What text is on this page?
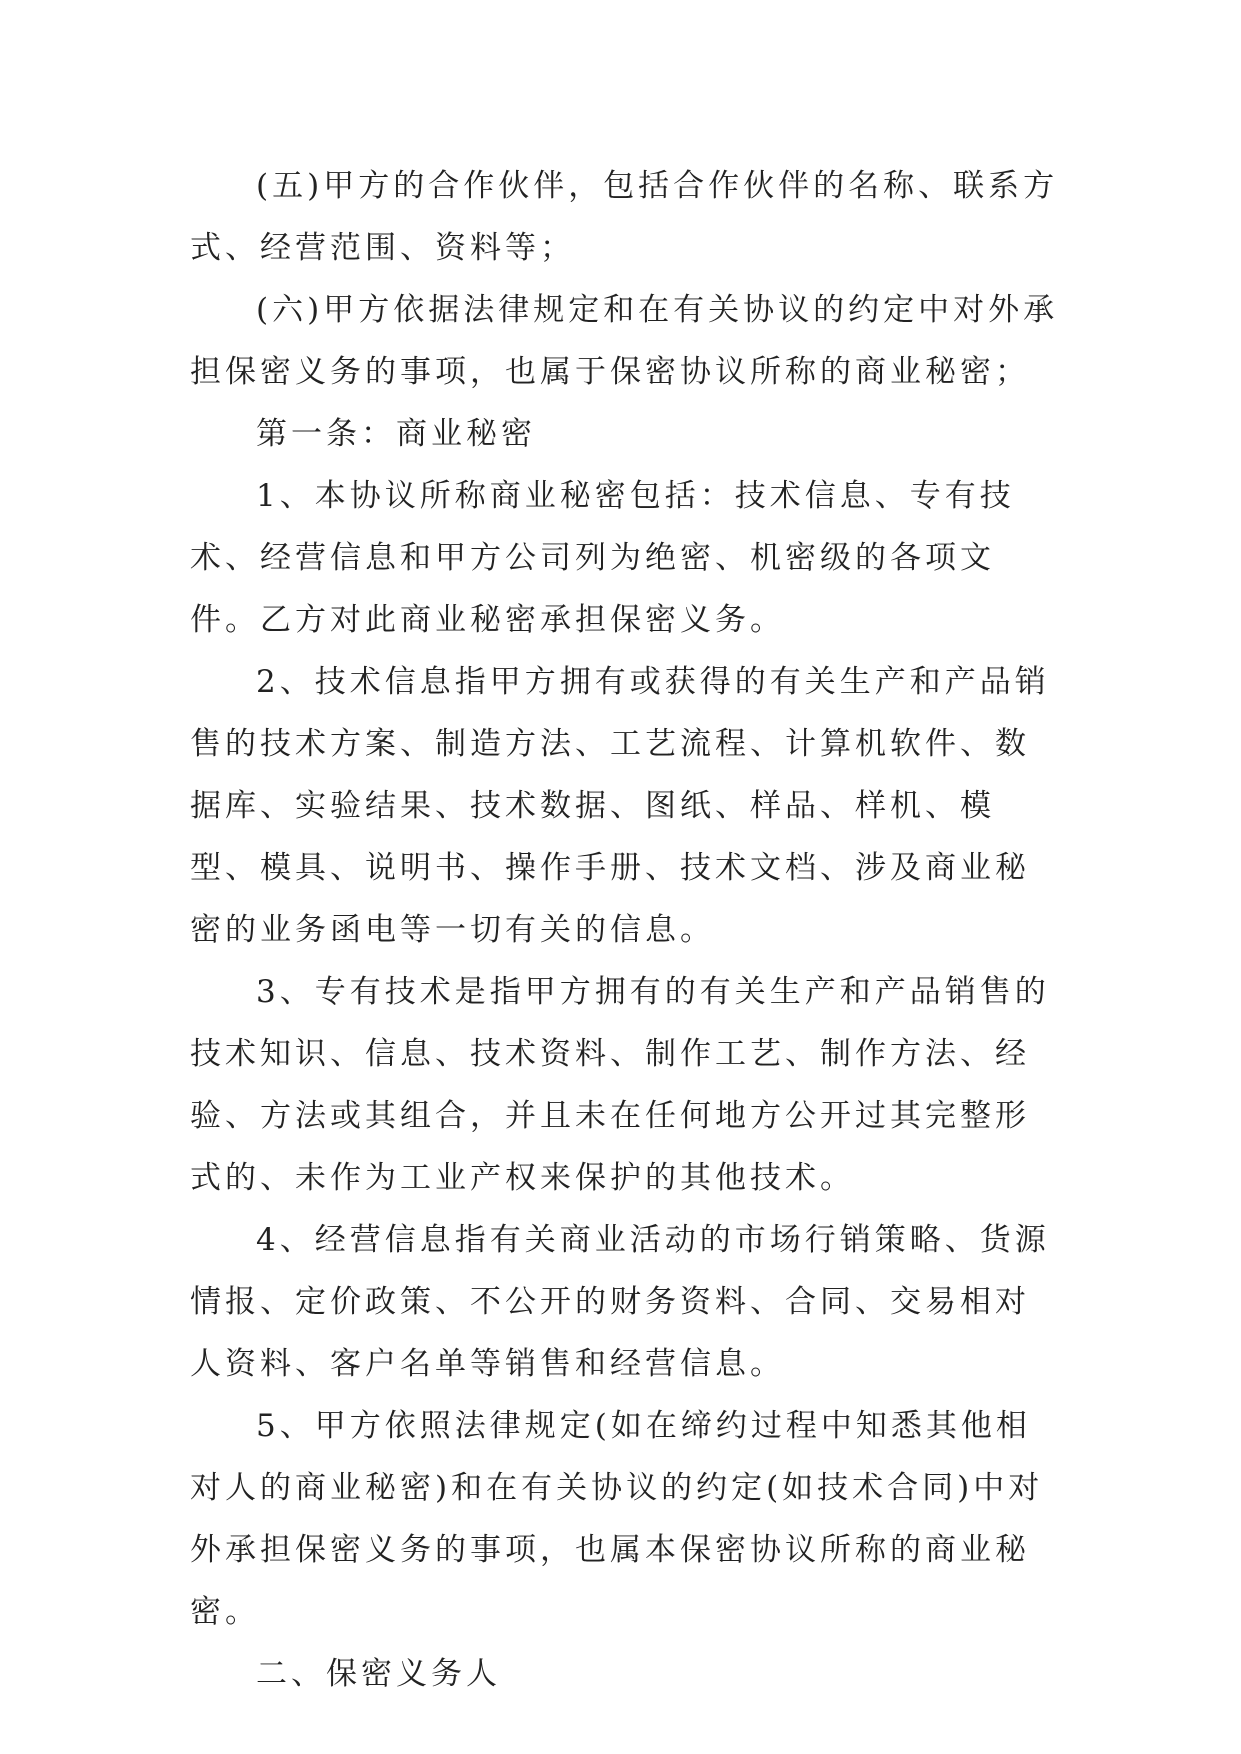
(五)甲方的合作伙伴，包括合作伙伴的名称、联系方式、经营范围、资料等；

(六)甲方依据法律规定和在有关协议的约定中对外承担保密义务的事项，也属于保密协议所称的商业秘密；

第一条：商业秘密

1、本协议所称商业秘密包括：技术信息、专有技术、经营信息和甲方公司列为绝密、机密级的各项文件。乙方对此商业秘密承担保密义务。

2、技术信息指甲方拥有或获得的有关生产和产品销售的技术方案、制造方法、工艺流程、计算机软件、数据库、实验结果、技术数据、图纸、样品、样机、模型、模具、说明书、操作手册、技术文档、涉及商业秘密的业务函电等一切有关的信息。

3、专有技术是指甲方拥有的有关生产和产品销售的技术知识、信息、技术资料、制作工艺、制作方法、经验、方法或其组合，并且未在任何地方公开过其完整形式的、未作为工业产权来保护的其他技术。

4、经营信息指有关商业活动的市场行销策略、货源情报、定价政策、不公开的财务资料、合同、交易相对人资料、客户名单等销售和经营信息。

5、甲方依照法律规定(如在缔约过程中知悉其他相对人的商业秘密)和在有关协议的约定(如技术合同)中对外承担保密义务的事项，也属本保密协议所称的商业秘密。

二、保密义务人
